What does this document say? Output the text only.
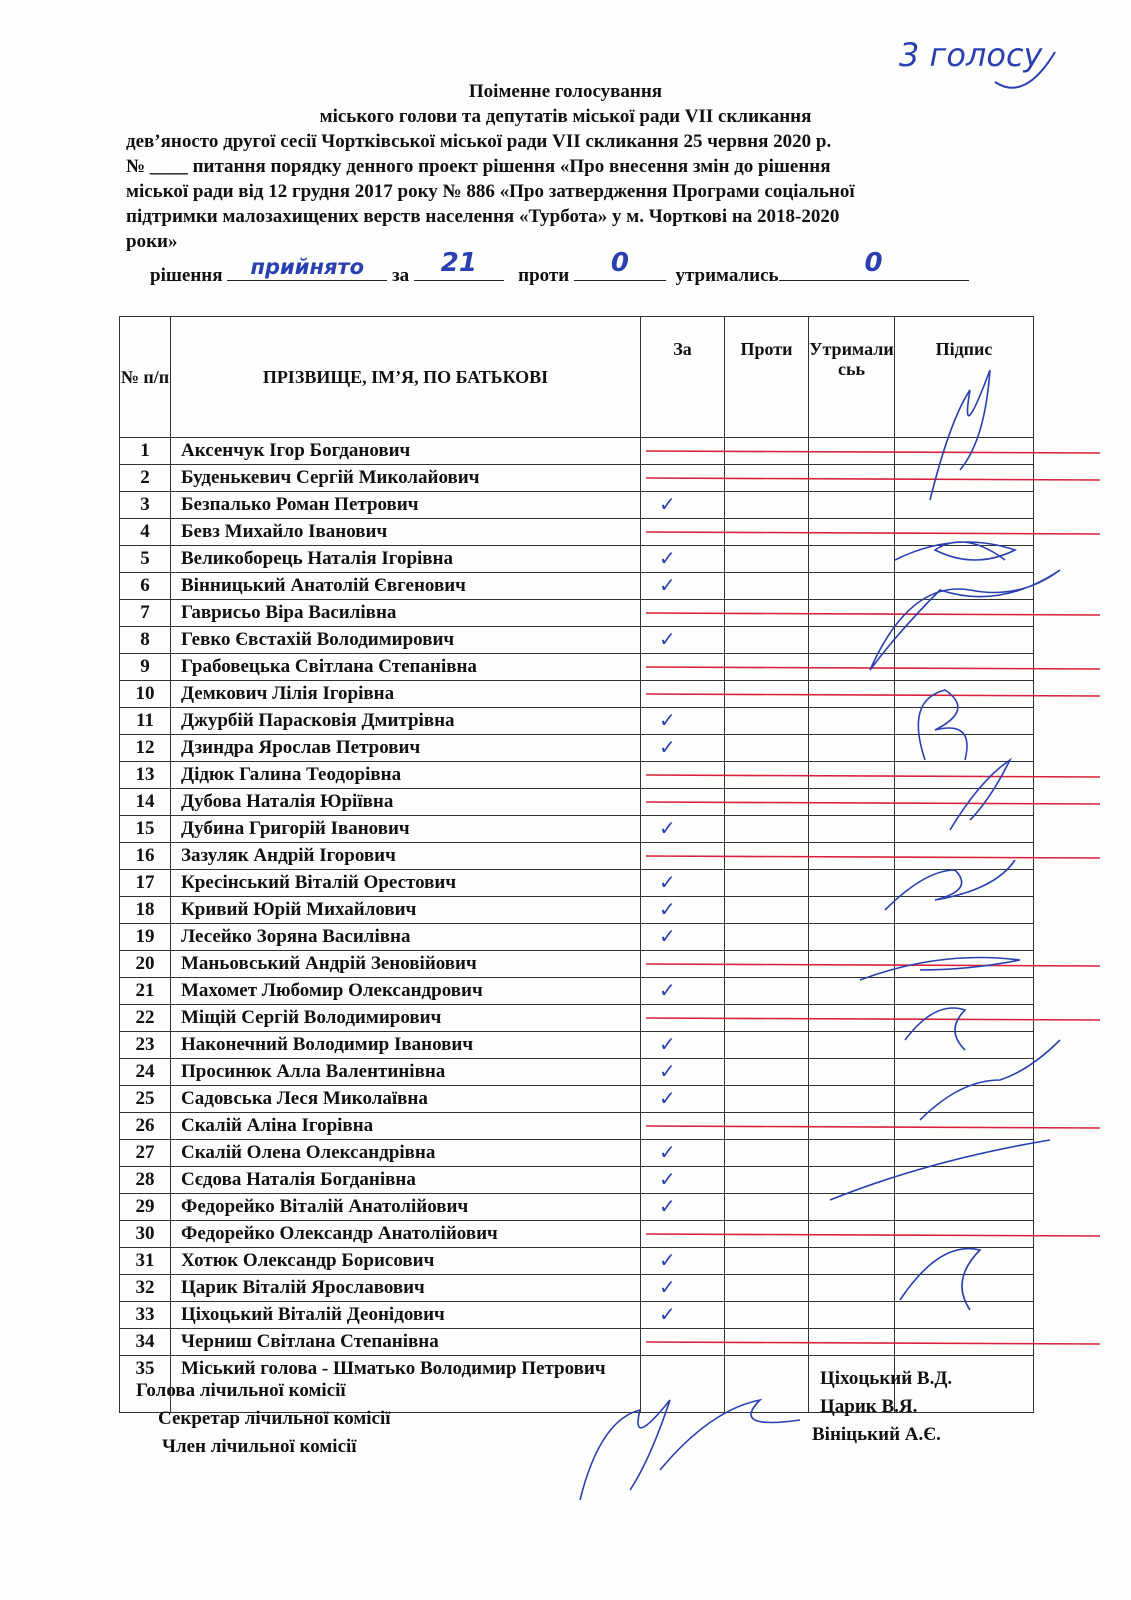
3 голосу
Поіменне голосування
міського голови та депутатів міської ради VII скликання
дев’яносто другої сесії Чортківської міської ради VII скликання 25 червня 2020 р.
№ ____ питання порядку денного проект рішення «Про внесення змін до рішення
міської ради від 12 грудня 2017 року № 886 «Про затвердження Програми соціальної
підтримки малозахищених верств населення «Турбота» у м. Чорткові на 2018-2020
роки»
рішення	прийнято	за	21	проти	0	утримались	0
№ п/п	ПРІЗВИЩЕ, ІМ’Я, ПО БАТЬКОВІ	За	Проти	Утрималисьь	Підпис
1	Аксенчук Ігор Богданович				
2	Буденькевич Сергій Миколайович				
3	Безпалько Роман Петрович	✓			
4	Бевз Михайло Іванович				
5	Великоборець Наталія Ігорівна	✓			
6	Вінницький Анатолій Євгенович	✓			
7	Гаврисьо Віра Василівна				
8	Гевко Євстахій Володимирович	✓			
9	Грабовецька Світлана Степанівна				
10	Демкович Лілія Ігорівна				
11	Джурбій Парасковія Дмитрівна	✓			
12	Дзиндра Ярослав Петрович	✓			
13	Дідюк Галина Теодорівна				
14	Дубова Наталія Юріївна				
15	Дубина Григорій Іванович	✓			
16	Зазуляк Андрій Ігорович				
17	Кресінський Віталій Орестович	✓			
18	Кривий Юрій Михайлович	✓			
19	Лесейко Зоряна Василівна	✓			
20	Маньовський Андрій Зеновійович				
21	Махомет Любомир Олександрович	✓			
22	Міщій Сергій Володимирович				
23	Наконечний Володимир Іванович	✓			
24	Просинюк Алла Валентинівна	✓			
25	Садовська Леся Миколаївна	✓			
26	Скалій Аліна Ігорівна				
27	Скалій Олена Олександрівна	✓			
28	Сєдова Наталія Богданівна	✓			
29	Федорейко Віталій Анатолійович	✓			
30	Федорейко Олександр Анатолійович				
31	Хотюк Олександр Борисович	✓			
32	Царик Віталій Ярославович	✓			
33	Ціхоцький Віталій Деонідович	✓			
34	Черниш Світлана Степанівна				
35	Міський голова - Шматько Володимир Петрович				
Голова лічильної комісії
Секретар лічильної комісії
Член лічильної комісії
Ціхоцький В.Д.
Царик В.Я.
Вініцький А.Є.
